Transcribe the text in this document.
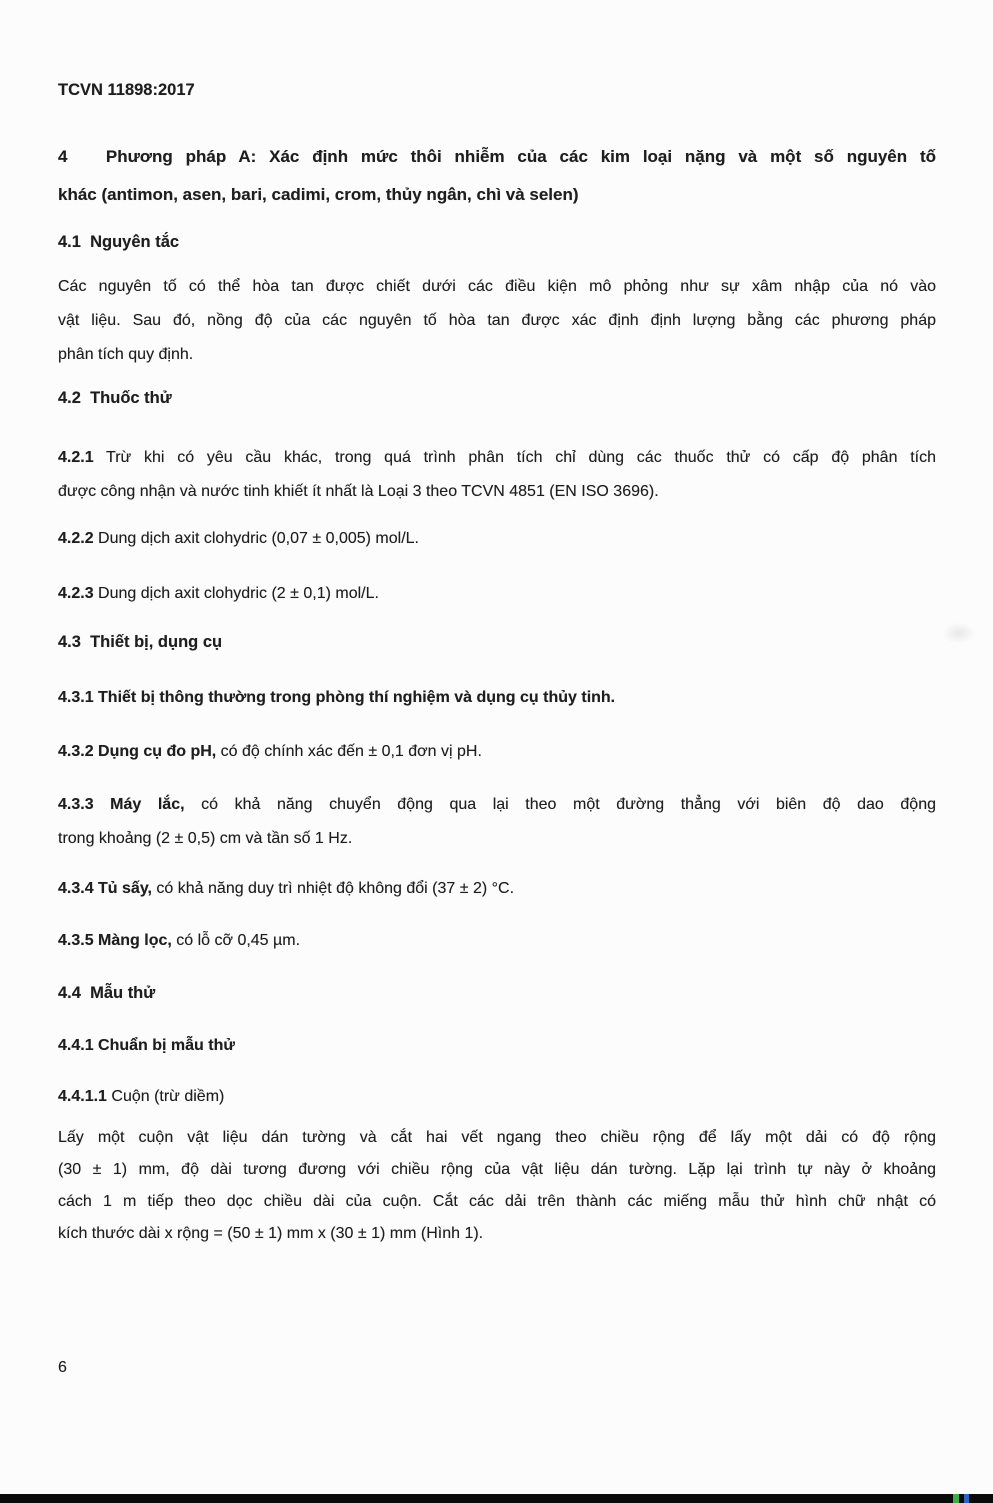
TCVN 11898:2017
4   Phương pháp A: Xác định mức thôi nhiễm của các kim loại nặng và một số nguyên tố
khác (antimon, asen, bari, cadimi, crom, thủy ngân, chì và selen)
4.1  Nguyên tắc
Các nguyên tố có thể hòa tan được chiết dưới các điều kiện mô phỏng như sự xâm nhập của nó vào
vật liệu. Sau đó, nồng độ của các nguyên tố hòa tan được xác định định lượng bằng các phương pháp
phân tích quy định.
4.2  Thuốc thử
4.2.1 Trừ khi có yêu cầu khác, trong quá trình phân tích chỉ dùng các thuốc thử có cấp độ phân tích
được công nhận và nước tinh khiết ít nhất là Loại 3 theo TCVN 4851 (EN ISO 3696).
4.2.2 Dung dịch axit clohydric (0,07 ± 0,005) mol/L.
4.2.3 Dung dịch axit clohydric (2 ± 0,1) mol/L.
4.3  Thiết bị, dụng cụ
4.3.1 Thiết bị thông thường trong phòng thí nghiệm và dụng cụ thủy tinh.
4.3.2 Dụng cụ đo pH, có độ chính xác đến ± 0,1 đơn vị pH.
4.3.3 Máy lắc, có khả năng chuyển động qua lại theo một đường thẳng với biên độ dao động
trong khoảng (2 ± 0,5) cm và tần số 1 Hz.
4.3.4 Tủ sấy, có khả năng duy trì nhiệt độ không đổi (37 ± 2) °C.
4.3.5 Màng lọc, có lỗ cỡ 0,45 µm.
4.4  Mẫu thử
4.4.1 Chuẩn bị mẫu thử
4.4.1.1 Cuộn (trừ diềm)
Lấy một cuộn vật liệu dán tường và cắt hai vết ngang theo chiều rộng để lấy một dải có độ rộng
(30 ± 1) mm, độ dài tương đương với chiều rộng của vật liệu dán tường. Lặp lại trình tự này ở khoảng
cách 1 m tiếp theo dọc chiều dài của cuộn. Cắt các dải trên thành các miếng mẫu thử hình chữ nhật có
kích thước dài x rộng = (50 ± 1) mm x (30 ± 1) mm (Hình 1).
6
